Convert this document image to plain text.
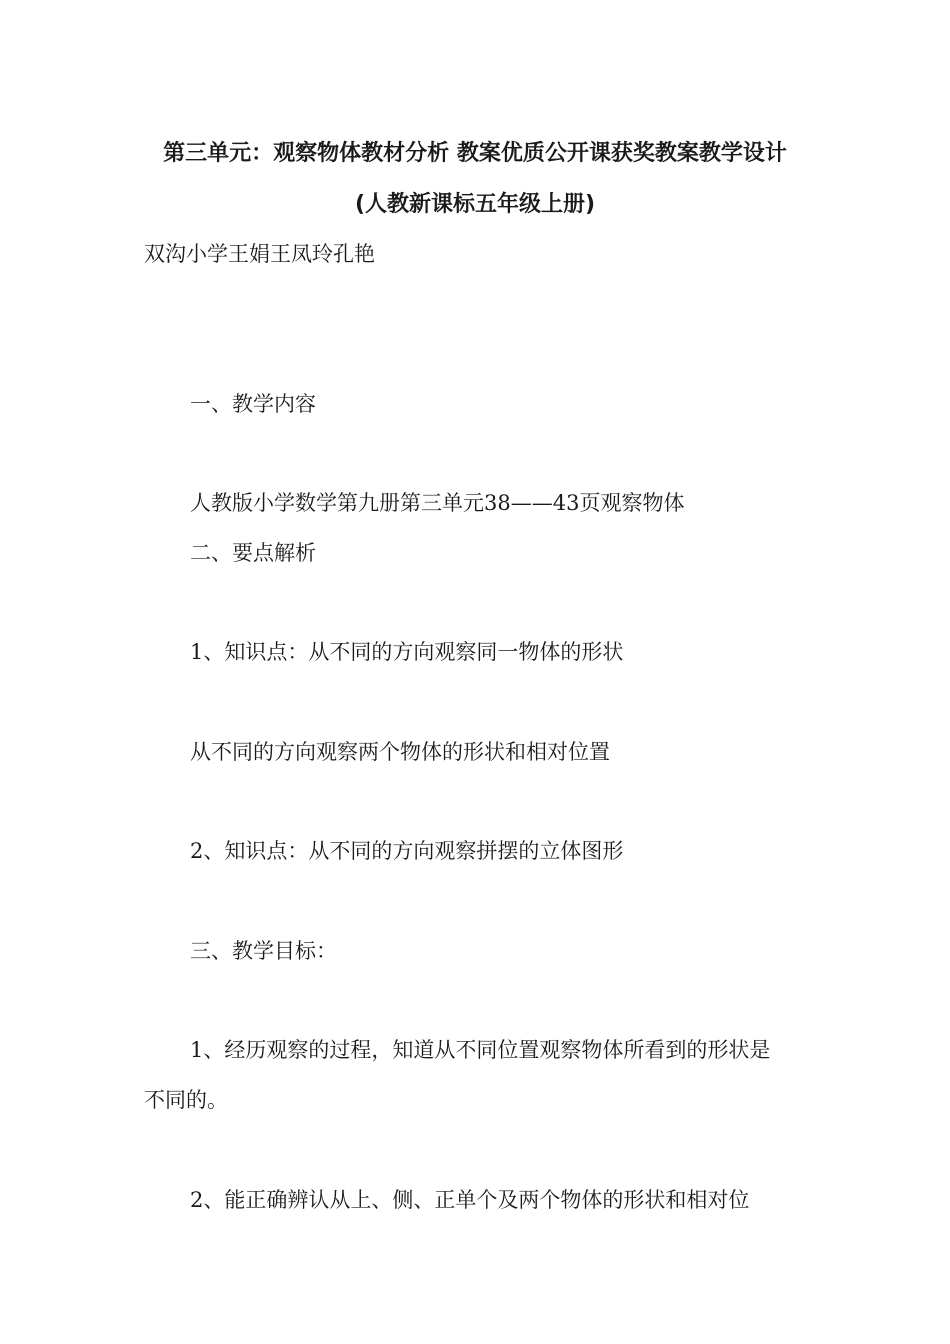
第三单元：观察物体教材分析 教案优质公开课获奖教案教学设计
(人教新课标五年级上册)

双沟小学王娟王凤玲孔艳

一、教学内容

人教版小学数学第九册第三单元38——43页观察物体

二、要点解析

1、知识点：从不同的方向观察同一物体的形状

从不同的方向观察两个物体的形状和相对位置

2、知识点：从不同的方向观察拼摆的立体图形

三、教学目标：

1、经历观察的过程，知道从不同位置观察物体所看到的形状是

不同的。

2、能正确辨认从上、侧、正单个及两个物体的形状和相对位
